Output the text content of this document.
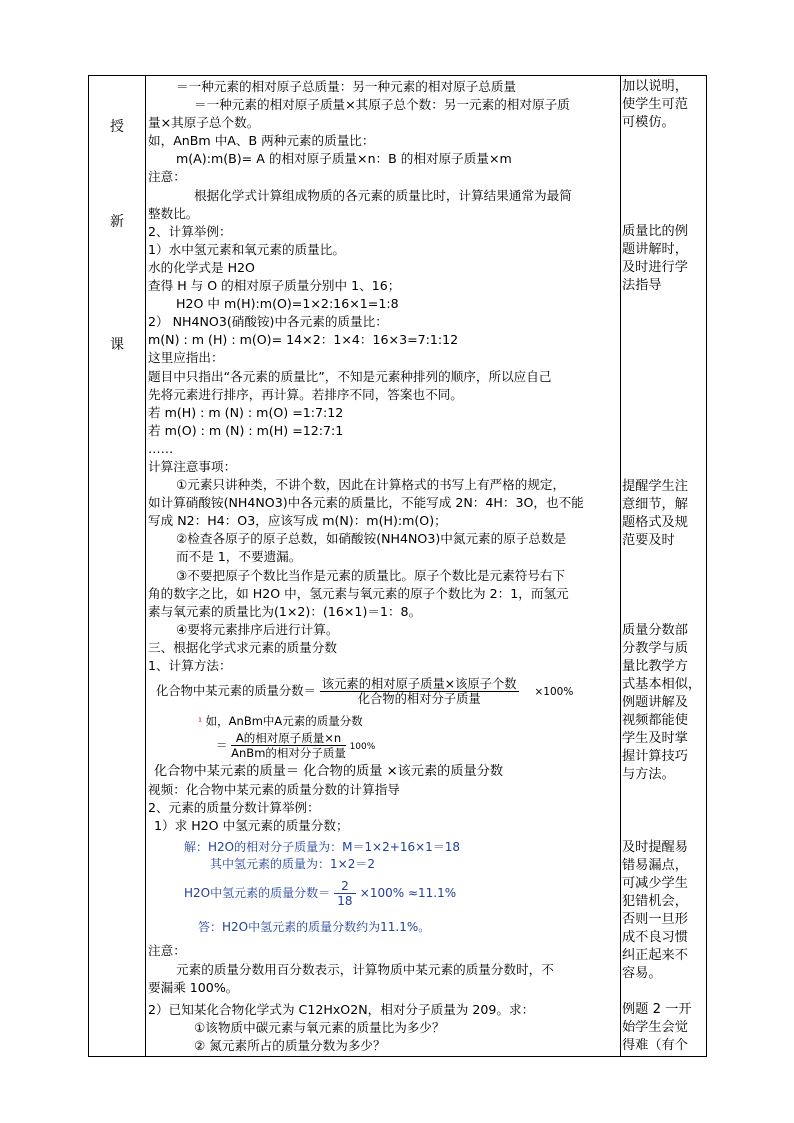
授
新
课
＝一种元素的相对原子总质量：另一种元素的相对原子总质量
＝一种元素的相对原子质量×其原子总个数：另一元素的相对原子质
量×其原子总个数。
如，AnBm 中A、B 两种元素的质量比：
m(A):m(B)= A 的相对原子质量×n：B 的相对原子质量×m
注意：
根据化学式计算组成物质的各元素的质量比时，计算结果通常为最简
整数比。
2、计算举例：
1）水中氢元素和氧元素的质量比。
水的化学式是 H2O
查得 H 与 O 的相对原子质量分别中 1、16；
H2O 中 m(H):m(O)=1×2:16×1=1:8
2） NH4NO3(硝酸铵)中各元素的质量比：
m(N) : m (H) : m(O)= 14×2：1×4：16×3=7:1:12
这里应指出：
题目中只指出“各元素的质量比”，不知是元素种排列的顺序，所以应自己
先将元素进行排序，再计算。若排序不同，答案也不同。
若 m(H) : m (N) : m(O) =1:7:12
若 m(O) : m (N) : m(H) =12:7:1
……
计算注意事项：
①元素只讲种类，不讲个数，因此在计算格式的书写上有严格的规定，
如计算硝酸铵(NH4NO3)中各元素的质量比，不能写成 2N：4H：3O，也不能
写成 N2：H4：O3，应该写成 m(N)：m(H):m(O)；
②检查各原子的原子总数，如硝酸铵(NH4NO3)中氮元素的原子总数是
而不是 1，不要遗漏。
③不要把原子个数比当作是元素的质量比。原子个数比是元素符号右下
角的数字之比，如 H2O 中，氢元素与氧元素的原子个数比为 2：1，而氢元
素与氧元素的质量比为(1×2)：(16×1)＝1：8。
④要将元素排序后进行计算。
三、根据化学式求元素的质量分数
1、计算方法：
化合物中某元素的质量分数＝ $\frac{\text{该元素的相对原子质量×该原子个数}}{\text{化合物的相对分子质量}} \times 100\%$
¹ 如，AnBm中A元素的质量分数
＝ $\frac{\text{A的相对原子质量×n}}{\text{AnBm的相对分子质量}} 100\%$
化合物中某元素的质量＝ 化合物的质量 ×该元素的质量分数
视频：化合物中某元素的质量分数的计算指导
2、元素的质量分数计算举例：
1）求 H2O 中氢元素的质量分数；
解：H2O的相对分子质量为：M＝1×2+16×1＝18
其中氢元素的质量为：1×2＝2
H2O中氢元素的质量分数＝ $\frac{2}{18} \times 100\% \approx 11.1\%$
答：H2O中氢元素的质量分数约为11.1%。
注意：
元素的质量分数用百分数表示，计算物质中某元素的质量分数时，不
要漏乘 100%。
2）已知某化合物化学式为 C12HxO2N，相对分子质量为 209。求：
①该物质中碳元素与氧元素的质量比为多少？
② 氮元素所占的质量分数为多少？
加以说明，
使学生可范
可模仿。
质量比的例
题讲解时，
及时进行学
法指导
提醒学生注
意细节，解
题格式及规
范要及时
质量分数部
分教学与质
量比教学方
式基本相似，
例题讲解及
视频都能使
学生及时掌
握计算技巧
与方法。
及时提醒易
错易漏点，
可减少学生
犯错机会，
否则一旦形
成不良习惯
纠正起来不
容易。
例题 2 一开
始学生会觉
得难（有个
